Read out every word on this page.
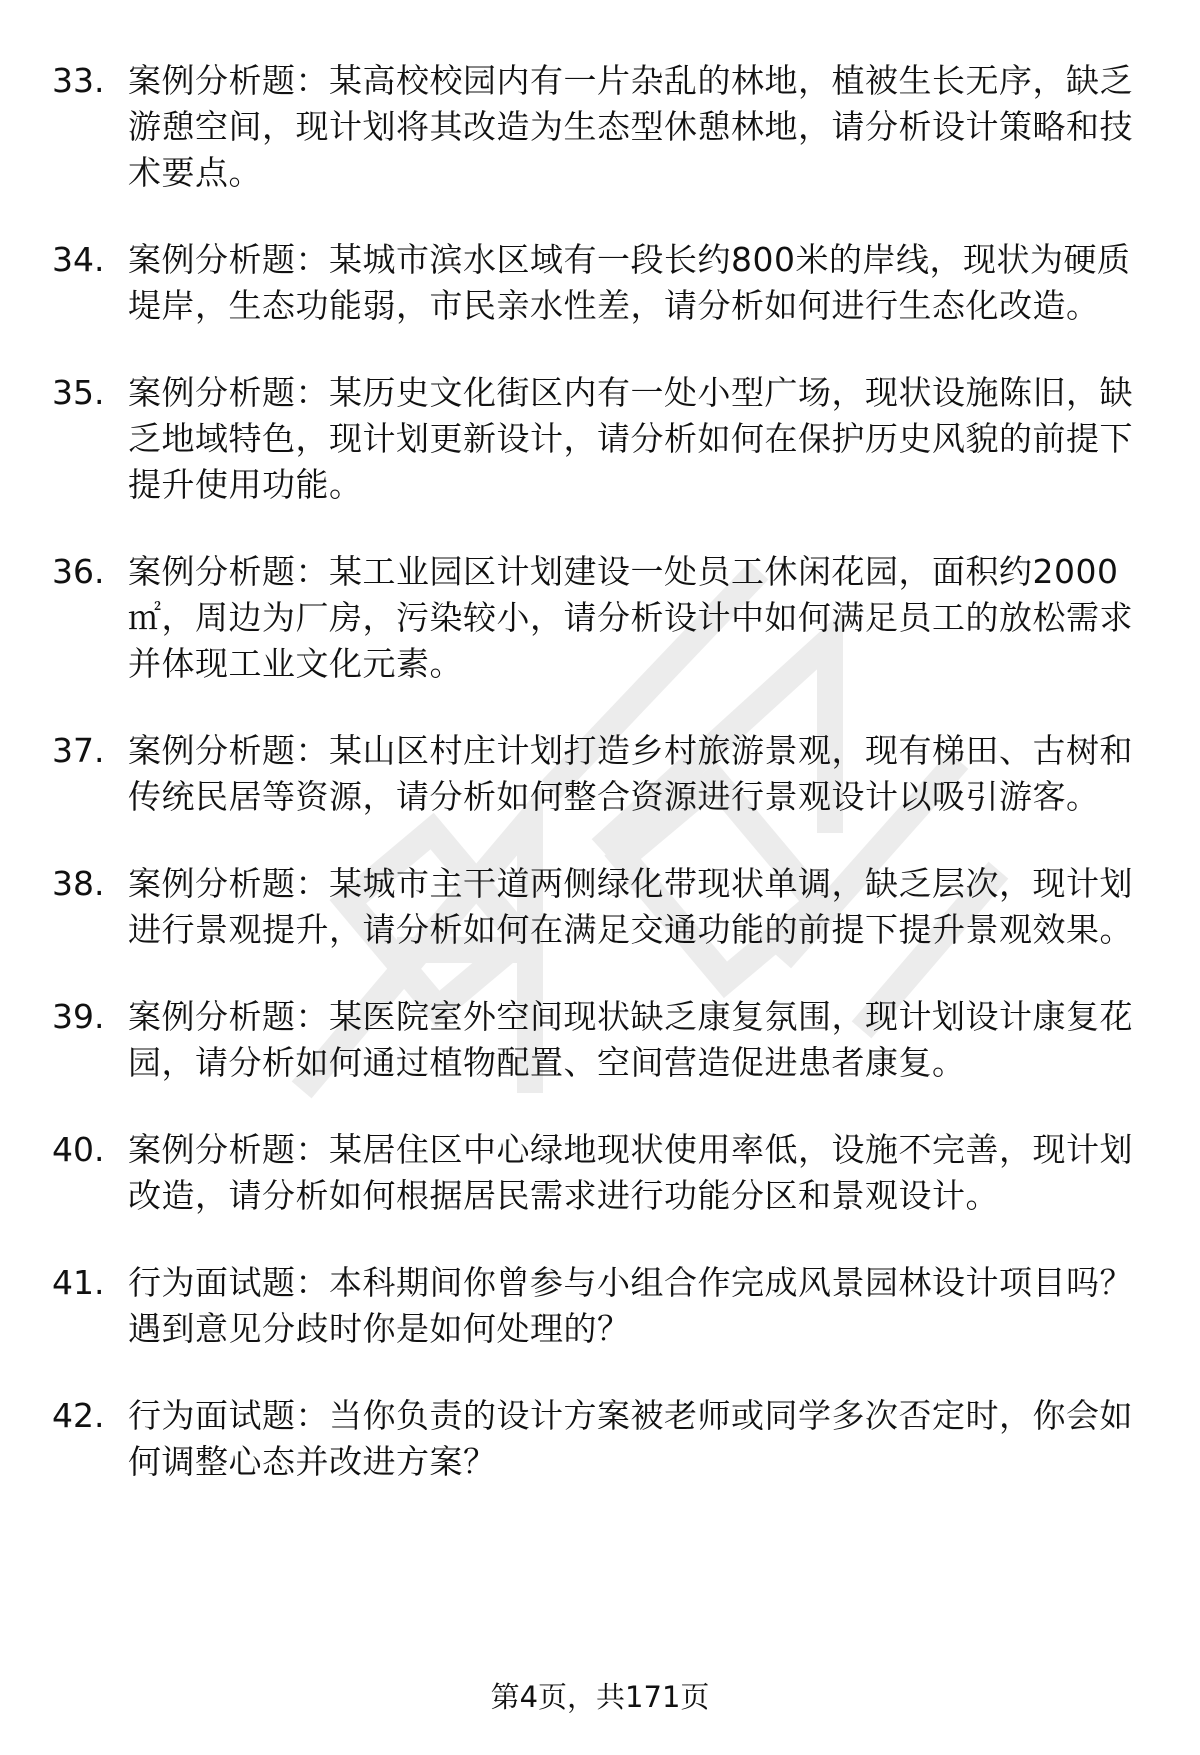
33. 案例分析题：某高校校园内有一片杂乱的林地，植被生长无序，缺乏游憩空间，现计划将其改造为生态型休憩林地，请分析设计策略和技术要点。
34. 案例分析题：某城市滨水区域有一段长约800米的岸线，现状为硬质堤岸，生态功能弱，市民亲水性差，请分析如何进行生态化改造。
35. 案例分析题：某历史文化街区内有一处小型广场，现状设施陈旧，缺乏地域特色，现计划更新设计，请分析如何在保护历史风貌的前提下提升使用功能。
36. 案例分析题：某工业园区计划建设一处员工休闲花园，面积约2000㎡，周边为厂房，污染较小，请分析设计中如何满足员工的放松需求并体现工业文化元素。
37. 案例分析题：某山区村庄计划打造乡村旅游景观，现有梯田、古树和传统民居等资源，请分析如何整合资源进行景观设计以吸引游客。
38. 案例分析题：某城市主干道两侧绿化带现状单调，缺乏层次，现计划进行景观提升，请分析如何在满足交通功能的前提下提升景观效果。
39. 案例分析题：某医院室外空间现状缺乏康复氛围，现计划设计康复花园，请分析如何通过植物配置、空间营造促进患者康复。
40. 案例分析题：某居住区中心绿地现状使用率低，设施不完善，现计划改造，请分析如何根据居民需求进行功能分区和景观设计。
41. 行为面试题：本科期间你曾参与小组合作完成风景园林设计项目吗？遇到意见分歧时你是如何处理的？
42. 行为面试题：当你负责的设计方案被老师或同学多次否定时，你会如何调整心态并改进方案？
第4页，共171页
